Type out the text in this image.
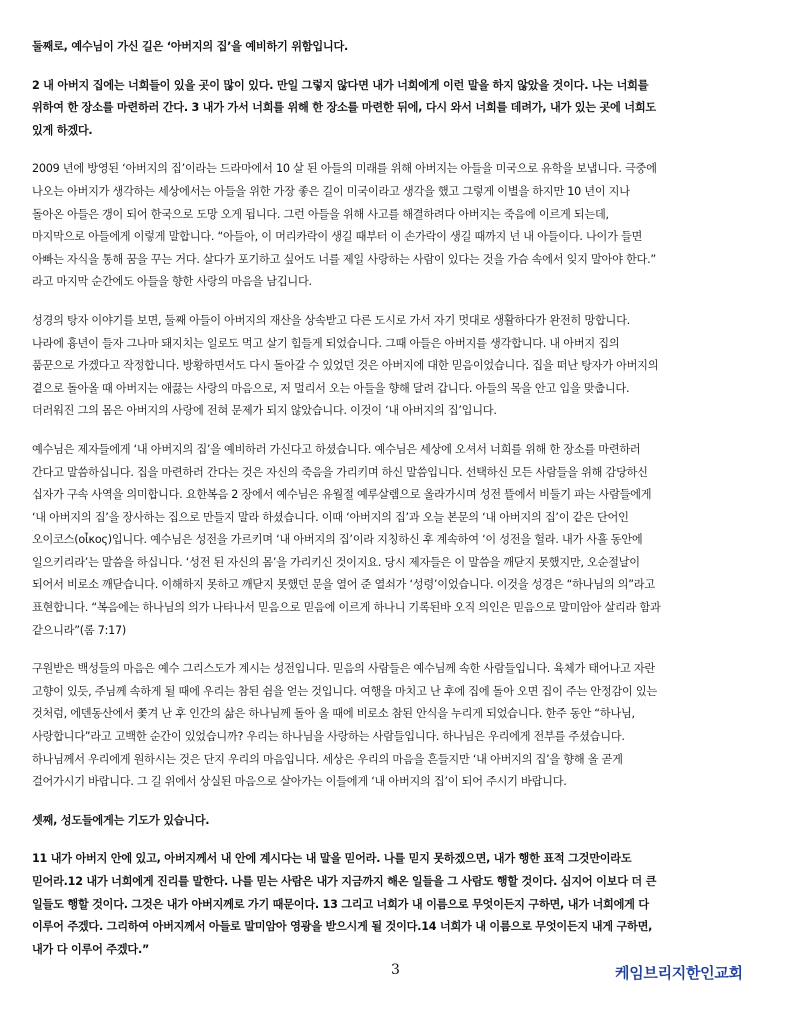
둘째로, 예수님이 가신 길은 ‘아버지의 집’을 예비하기 위함입니다.
2 내 아버지 집에는 너희들이 있을 곳이 많이 있다. 만일 그렇지 않다면 내가 너희에게 이런 말을 하지 않았을 것이다. 나는 너희를
위하여 한 장소를 마련하러 간다. 3 내가 가서 너희를 위해 한 장소를 마련한 뒤에, 다시 와서 너희를 데려가, 내가 있는 곳에 너희도
있게 하겠다.
2009 년에 방영된 ‘아버지의 집’이라는 드라마에서 10 살 된 아들의 미래를 위해 아버지는 아들을 미국으로 유학을 보냅니다. 극중에
나오는 아버지가 생각하는 세상에서는 아들을 위한 가장 좋은 길이 미국이라고 생각을 했고 그렇게 이별을 하지만 10 년이 지나
돌아온 아들은 갱이 되어 한국으로 도망 오게 됩니다. 그런 아들을 위해 사고를 해결하려다 아버지는 죽음에 이르게 되는데,
마지막으로 아들에게 이렇게 말합니다. “아들아, 이 머리카락이 생길 때부터 이 손가락이 생길 때까지 넌 내 아들이다. 나이가 들면
아빠는 자식을 통해 꿈을 꾸는 거다. 살다가 포기하고 싶어도 너를 제일 사랑하는 사람이 있다는 것을 가슴 속에서 잊지 말아야 한다.”
라고 마지막 순간에도 아들을 향한 사랑의 마음을 남깁니다.
성경의 탕자 이야기를 보면, 둘째 아들이 아버지의 재산을 상속받고 다른 도시로 가서 자기 멋대로 생활하다가 완전히 망합니다.
나라에 흉년이 들자 그나마 돼지치는 일로도 먹고 살기 힘들게 되었습니다. 그때 아들은 아버지를 생각합니다. 내 아버지 집의
품꾼으로 가겠다고 작정합니다. 방황하면서도 다시 돌아갈 수 있었던 것은 아버지에 대한 믿음이었습니다. 집을 떠난 탕자가 아버지의
곁으로 돌아올 때 아버지는 애끓는 사랑의 마음으로, 저 멀리서 오는 아들을 향해 달려 갑니다. 아들의 목을 안고 입을 맞춥니다.
더러워진 그의 몸은 아버지의 사랑에 전혀 문제가 되지 않았습니다. 이것이 ‘내 아버지의 집’입니다.
예수님은 제자들에게 ‘내 아버지의 집’을 예비하러 가신다고 하셨습니다. 예수님은 세상에 오셔서 너희를 위해 한 장소를 마련하러
간다고 말씀하십니다. 집을 마련하러 간다는 것은 자신의 죽음을 가리키며 하신 말씀입니다. 선택하신 모든 사람들을 위해 감당하신
십자가 구속 사역을 의미합니다. 요한복음 2 장에서 예수님은 유월절 예루살렘으로 올라가시며 성전 뜰에서 비둘기 파는 사람들에게
‘내 아버지의 집’을 장사하는 집으로 만들지 말라 하셨습니다. 이때 ‘아버지의 집’과 오늘 본문의 ‘내 아버지의 집’이 같은 단어인
오이코스(οἶκος)입니다. 예수님은 성전을 가르키며 ‘내 아버지의 집’이라 지칭하신 후 계속하여 ‘이 성전을 헐라. 내가 사흘 동안에
일으키리라’는 말씀을 하십니다. ‘성전 된 자신의 몸’을 가리키신 것이지요. 당시 제자들은 이 말씀을 깨닫지 못했지만, 오순절날이
되어서 비로소 깨닫습니다. 이해하지 못하고 깨닫지 못했던 문을 열어 준 열쇠가 ‘성령’이었습니다. 이것을 성경은 “하나님의 의”라고
표현합니다. “복음에는 하나님의 의가 나타나서 믿음으로 믿음에 이르게 하나니 기록된바 오직 의인은 믿음으로 말미암아 살리라 함과
같으니라”(롬 7:17)
구원받은 백성들의 마음은 예수 그리스도가 계시는 성전입니다. 믿음의 사람들은 예수님께 속한 사람들입니다. 육체가 태어나고 자란
고향이 있듯, 주님께 속하게 될 때에 우리는 참된 쉼을 얻는 것입니다. 여행을 마치고 난 후에 집에 돌아 오면 집이 주는 안정감이 있는
것처럼, 에덴동산에서 쫓겨 난 후 인간의 삶은 하나님께 돌아 올 때에 비로소 참된 안식을 누리게 되었습니다. 한주 동안 “하나님,
사랑합니다”라고 고백한 순간이 있었습니까? 우리는 하나님을 사랑하는 사람들입니다. 하나님은 우리에게 전부를 주셨습니다.
하나님께서 우리에게 원하시는 것은 단지 우리의 마음입니다. 세상은 우리의 마음을 흔들지만 ‘내 아버지의 집’을 향해 올 곧게
걸어가시기 바랍니다. 그 길 위에서 상실된 마음으로 살아가는 이들에게 ‘내 아버지의 집’이 되어 주시기 바랍니다.
셋째, 성도들에게는 기도가 있습니다.
11 내가 아버지 안에 있고, 아버지께서 내 안에 계시다는 내 말을 믿어라. 나를 믿지 못하겠으면, 내가 행한 표적 그것만이라도
믿어라.12 내가 너희에게 진리를 말한다. 나를 믿는 사람은 내가 지금까지 해온 일들을 그 사람도 행할 것이다. 심지어 이보다 더 큰
일들도 행할 것이다. 그것은 내가 아버지께로 가기 때문이다. 13 그리고 너희가 내 이름으로 무엇이든지 구하면, 내가 너희에게 다
이루어 주겠다. 그리하여 아버지께서 아들로 말미암아 영광을 받으시게 될 것이다.14 너희가 내 이름으로 무엇이든지 내게 구하면,
내가 다 이루어 주겠다.”
3	케임브리지한인교회
